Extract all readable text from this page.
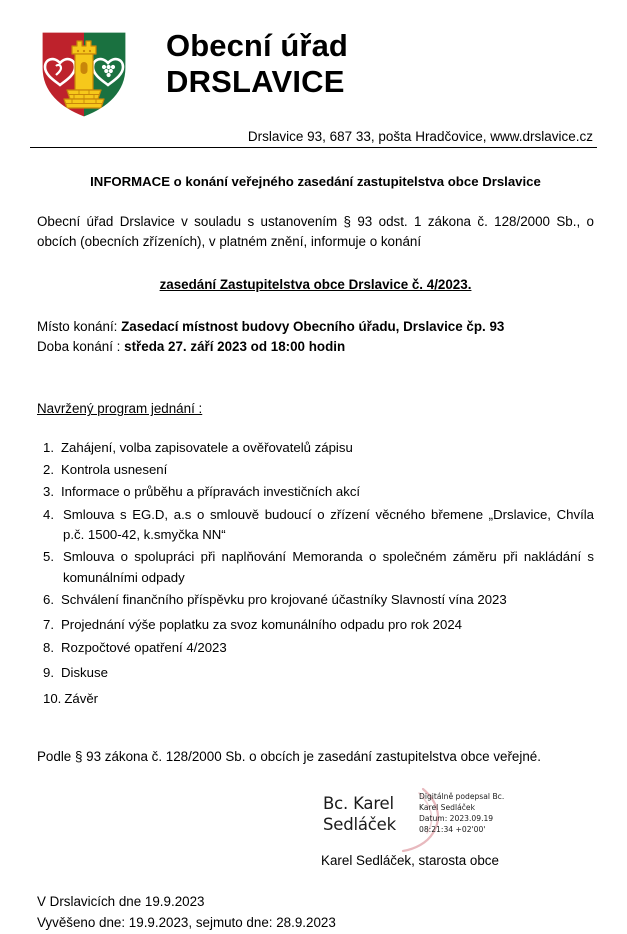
Obecní úřad
DRSLAVICE
Drslavice 93, 687 33, pošta Hradčovice, www.drslavice.cz
INFORMACE o konání veřejného zasedání zastupitelstva obce Drslavice
Obecní úřad Drslavice v souladu s ustanovením § 93 odst. 1 zákona č. 128/2000 Sb., o obcích (obecních zřízeních), v platném znění, informuje o konání
zasedání Zastupitelstva obce Drslavice č. 4/2023.
Místo konání: Zasedací místnost budovy Obecního úřadu, Drslavice čp. 93
Doba konání : středa 27. září 2023 od 18:00 hodin
Navržený program jednání :
1. Zahájení, volba zapisovatele a ověřovatelů zápisu
2. Kontrola usnesení
3. Informace o průběhu a přípravách investičních akcí
4. Smlouva s EG.D, a.s o smlouvě budoucí o zřízení věcného břemene „Drslavice, Chvíla p.č. 1500-42, k.smyčka NN“
5. Smlouva o spolupráci při naplňování Memoranda o společném záměru při nakládání s komunálními odpady
6. Schválení finančního příspěvku pro krojované účastníky Slavností vína 2023
7. Projednání výše poplatku za svoz komunálního odpadu pro rok 2024
8. Rozpočtové opatření 4/2023
9. Diskuse
10. Závěr
Podle § 93 zákona č. 128/2000 Sb. o obcích je zasedání zastupitelstva obce veřejné.
Bc. Karel
Sedláček
Digitálně podepsal Bc.
Karel Sedláček
Datum: 2023.09.19
08:21:34 +02'00'
Karel Sedláček, starosta obce
V Drslavicích dne 19.9.2023
Vyvěšeno dne: 19.9.2023, sejmuto dne: 28.9.2023
